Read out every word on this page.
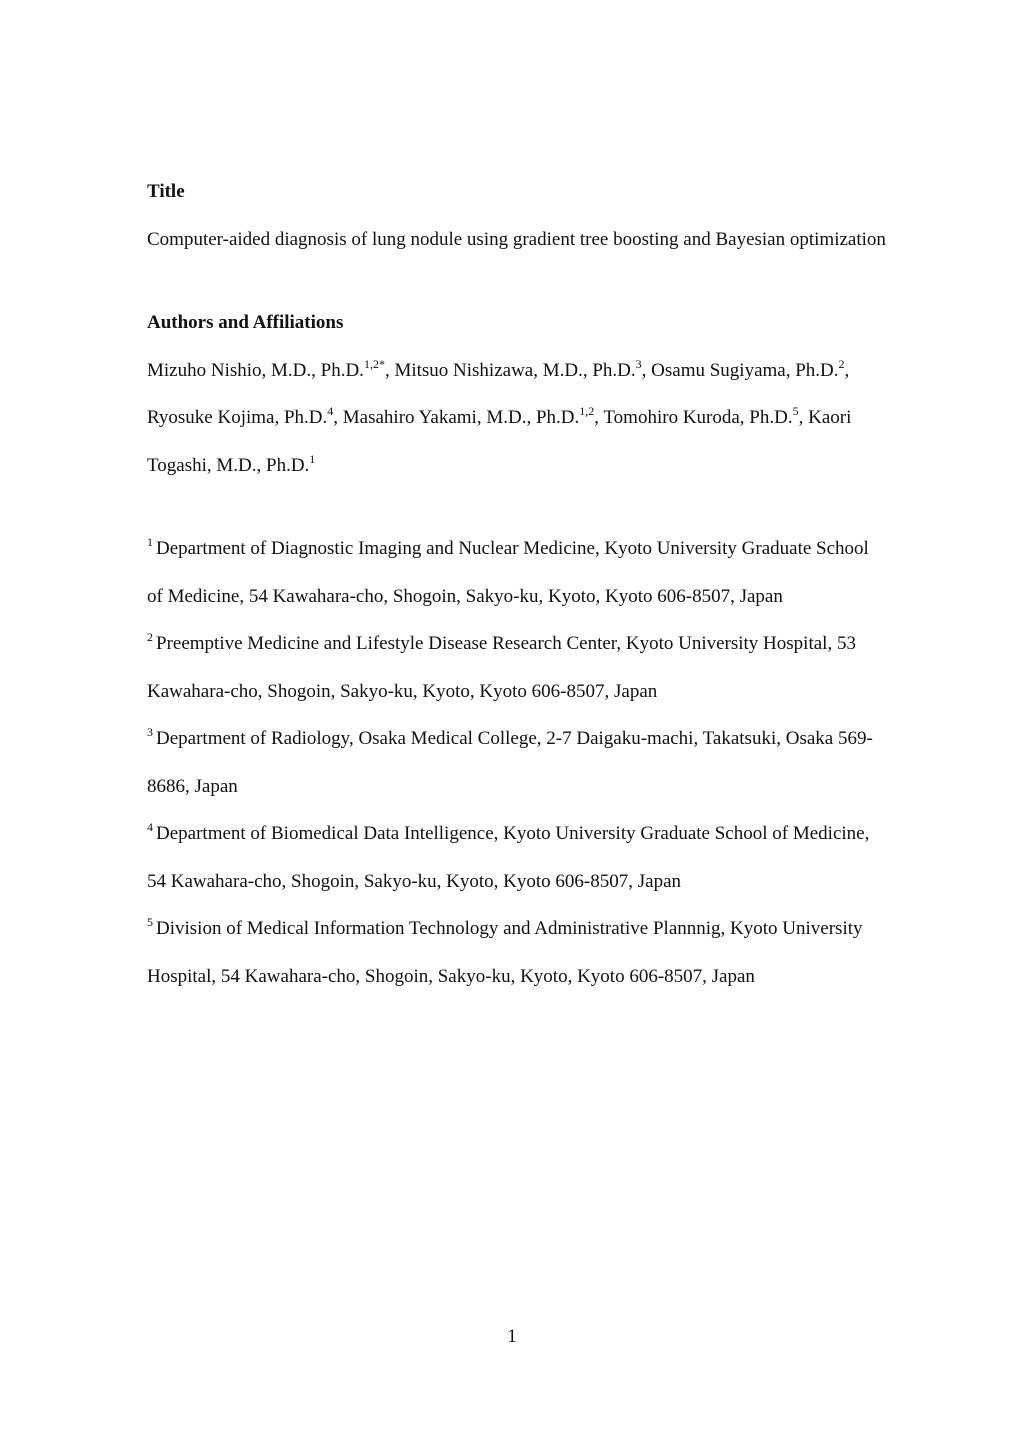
Title

Computer-aided diagnosis of lung nodule using gradient tree boosting and Bayesian optimization

Authors and Affiliations

Mizuho Nishio, M.D., Ph.D.$^{1,2*}$, Mitsuo Nishizawa, M.D., Ph.D.$^3$, Osamu Sugiyama, Ph.D.$^2$, Ryosuke Kojima, Ph.D.$^4$, Masahiro Yakami, M.D., Ph.D.$^{1,2}$, Tomohiro Kuroda, Ph.D.$^5$, Kaori Togashi, M.D., Ph.D.$^1$

$^1$ Department of Diagnostic Imaging and Nuclear Medicine, Kyoto University Graduate School of Medicine, 54 Kawahara-cho, Shogoin, Sakyo-ku, Kyoto, Kyoto 606-8507, Japan

$^2$ Preemptive Medicine and Lifestyle Disease Research Center, Kyoto University Hospital, 53 Kawahara-cho, Shogoin, Sakyo-ku, Kyoto, Kyoto 606-8507, Japan

$^3$ Department of Radiology, Osaka Medical College, 2-7 Daigaku-machi, Takatsuki, Osaka 569-8686, Japan

$^4$ Department of Biomedical Data Intelligence, Kyoto University Graduate School of Medicine, 54 Kawahara-cho, Shogoin, Sakyo-ku, Kyoto, Kyoto 606-8507, Japan

$^5$ Division of Medical Information Technology and Administrative Plannnig, Kyoto University Hospital, 54 Kawahara-cho, Shogoin, Sakyo-ku, Kyoto, Kyoto 606-8507, Japan

1
